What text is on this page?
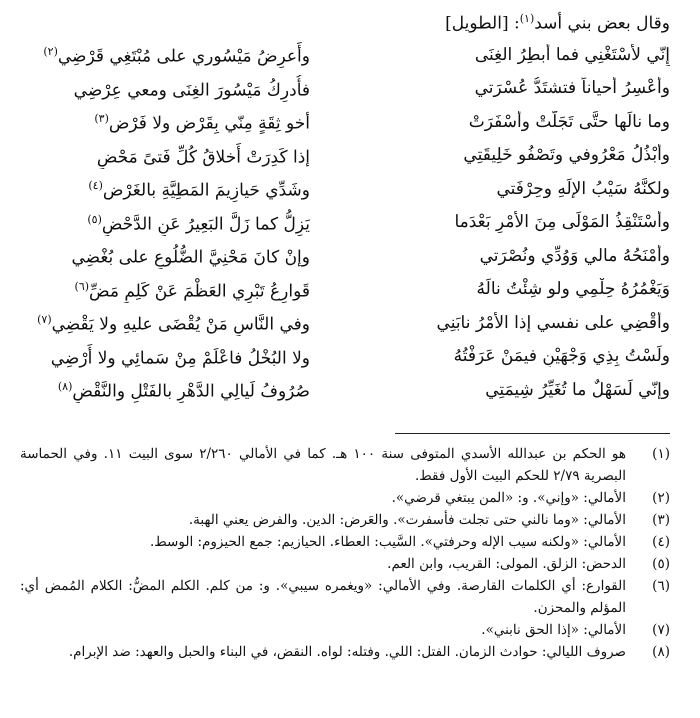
وقال بعض بني أسد$^{(١)}$: [الطويل]
إِنّي لأَسْتَغْنِي فما أَبطِرُ الغِنَى
وأَعرِضُ مَيْسُوري على مُبْتَغِي قَرْضِي$^{(٢)}$
وأَعْسِرُ أَحياناً فتشتَدُّ عُسْرَتي
فأُدرِكُ مَيْسُورَ الغِنَى ومعي عِرْضِي
وما نالَها حتَّى تَجَلَّتْ وأَسْفَرَتْ
أخو ثِقَةٍ مِنّي بِقَرْضٍ ولا فَرْضِ$^{(٣)}$
وأَبْذُلُ مَعْرُوفي وتَصْفُو خَلِيقَتِي
إذا كَدِرَتْ أَخلاقُ كُلِّ فَتىً مَحْضِ
ولكنَّهُ سَيْبُ الإلَهِ وحِرْفَتي
وشَدِّي حَيازِيمَ المَطِيَّةِ بالغَرْضِ$^{(٤)}$
وأَسْتَنْقِذُ المَوْلَى مِنَ الأَمْرِ بَعْدَما
يَزِلُّ كما زَلَّ البَعِيرُ عَنِ الدَّحْضِ$^{(٥)}$
وأَمْنَحُهُ مالي وَوُدِّي ونُصْرَتي
وإنْ كانَ مَحْنِيَّ الضُّلُوعِ على بُغْضِي
وَيَغْمُرُهُ حِلْمِي ولو شِئْتُ نالَهُ
قَوارِعُ تَبْرِي العَظْمَ عَنْ كَلِمٍ مَضِّ$^{(٦)}$
وأَقْضِي على نفسي إذا الأَمْرُ نابَنِي
وفي النَّاسِ مَنْ يُقْضَى عليهِ ولا يَقْضِي$^{(٧)}$
ولَسْتُ بِذِي وَجْهَيْنِ فيمَنْ عَرَفْتُهُ
ولا البُخْلُ فاعْلَمْ مِنْ سَمائِي ولا أَرْضِي
وإنّي لَسَهْلٌ ما تُغَيِّرُ شِيمَتِي
صُرُوفُ لَيالِي الدَّهْرِ بالفَتْلِ والنَّقْضِ$^{(٨)}$
(١)
هو الحكم بن عبدالله الأسدي المتوفى سنة ١٠٠ هـ. كما في الأمالي ٢/٢٦٠ سوى البيت ١١. وفي الحماسة البصرية ٢/٧٩ للحكم البيت الأول فقط.
(٢)
الأمالي: «وإني». و: «المن يبتغي قرضي».
(٣)
الأمالي: «وما نالني حتى تجلت فأسفرت». والعَرض: الدين. والفرض يعني الهبة.
(٤)
الأمالي: «ولكنه سيب الإله وحرفتي». السَّيب: العطاء. الحيازيم: جمع الحيزوم: الوسط.
(٥)
الدحض: الزلق. المولى: القريب، وابن العم.
(٦)
القوارع: أي الكلمات القارصة. وفي الأمالي: «ويغمره سيبي». و: من كلم. الكلم المضُّ: الكلام المُمض أي: المؤلم والمحزن.
(٧)
الأمالي: «إذا الحق نابني».
(٨)
صروف الليالي: حوادث الزمان. الفتل: اللي. وفتله: لواه. النقض، في البناء والحبل والعهد: ضد الإبرام.
